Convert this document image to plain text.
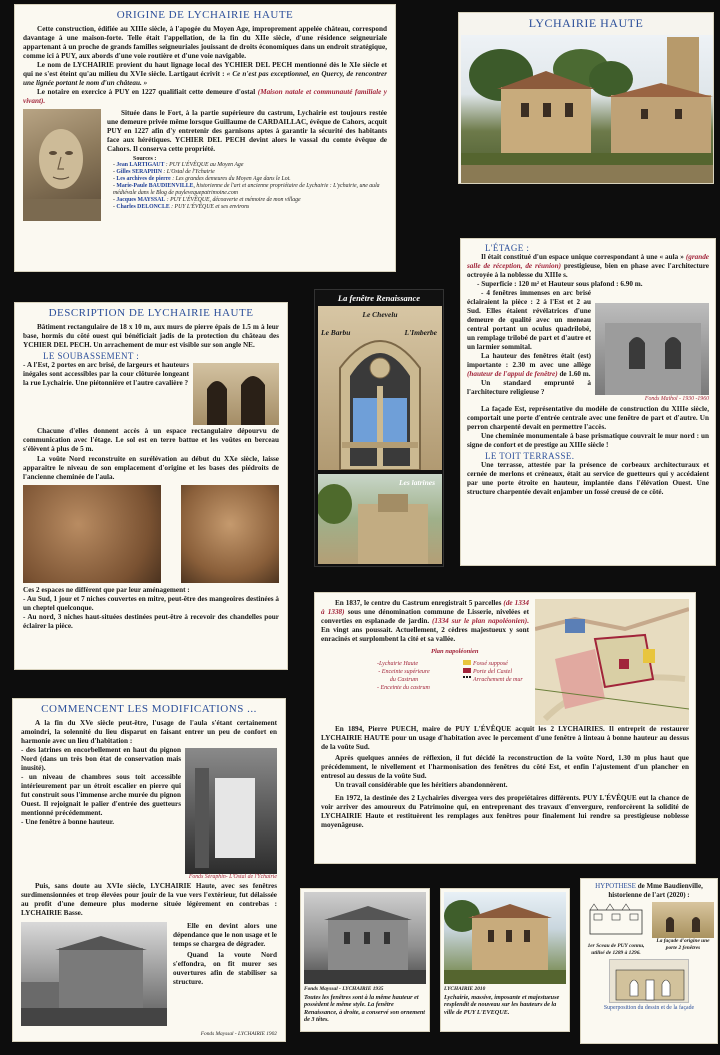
ORIGINE DE LYCHAIRIE HAUTE

Cette construction, édifiée au XIIIe siècle, à l'apogée du Moyen Age, improprement appelée château, correspond davantage à une maison-forte. Telle était l'appellation, de la fin du XIIe siècle, d'une résidence seigneuriale appartenant à un proche de grands familles seigneuriales jouissant de droits économiques dans un endroit stratégique, comme ici à PUY, aux abords d'une voie routière et d'une voie navigable.

Le nom de LYCHAIRIE provient du haut lignage local des YCHIER DEL PECH mentionné dès le XIe siècle et qui ne s'est éteint qu'au milieu du XVIe siècle. Lartigaut écrivit : « Ce n'est pas exceptionnel, en Quercy, de rencontrer une lignée portant le nom d'un château. »

Le notaire en exercice à PUY en 1227 qualifiait cette demeure d'ostal (Maison natale et communauté familiale y vivant).

Située dans le Fort, à la partie supérieure du castrum, Lychairie est toujours restée une demeure privée même lorsque Guillaume de CARDAILLAC, évêque de Cahors, acquit PUY en 1227 afin d'y entretenir des garnisons aptes à garantir la sécurité des habitants face aux hérétiques. YCHIER DEL PECH devint alors le vassal du comte évêque de Cahors. Il conserva cette propriété.

Sources :
- Jean LARTIGAUT : PUY L'ÉVÊQUE au Moyen Age
- Gilles SERAPHIN : L'Ostal de l'Ychairie
- Les archives de pierre : Les grandes demeures du Moyen Age dans le Lot.
- Marie-Paule BAUDIENVILLE, historienne de l'art et ancienne propriétaire de Lychairie : L'ychairie, une aula médiévale dans le Blog de puylevequepatrimoine.com
- Jacques MAYSSAL : PUY L'ÉVÊQUE, découverte et mémoire de mon village
- Charles DELONCLE : PUY L'ÉVÊQUE et ses environs
LYCHAIRIE HAUTE
DESCRIPTION DE LYCHAIRIE HAUTE

Bâtiment rectangulaire de 18 x 10 m, aux murs de pierre épais de 1.5 m à leur base, hormis du côté ouest qui bénéficiait jadis de la protection du château des YCHIER DEL PECH. Un arrachement de mur est visible sur son angle NE.

LE SOUBASSEMENT :

- A l'Est, 2 portes en arc brisé, de largeurs et hauteurs inégales sont accessibles par la cour clôturée longeant la rue Lychairie. Une piétonnière et l'autre cavalière ?

Chacune d'elles donnent accès à un espace rectangulaire dépourvu de communication avec l'étage. Le sol est en terre battue et les voûtes en berceau s'élèvent à plus de 5 m.

La voûte Nord reconstruite en surélévation au début du XXe siècle, laisse apparaître le niveau de son emplacement d'origine et les bases des piédroits de l'ancienne cheminée de l'aula.

Ces 2 espaces ne diffèrent que par leur aménagement :

- Au Sud, 1 jour et 7 niches couvertes en mitre, peut-être des mangeoires destinées à un cheptel quelconque.

- Au nord, 3 niches haut-situées destinées peut-être à recevoir des chandelles pour éclairer la pièce.

La fenêtre Renaissance
Le Chevelu
Le Barbu	L'Imberbe
Les latrines
L'ÉTAGE :

Il était constitué d'un espace unique correspondant à une « aula » (grande salle de réception, de réunion) prestigieuse, bien en phase avec l'architecture octroyée à la noblesse du XIIIe s.

- Superficie : 120 m² et Hauteur sous plafond : 6.90 m.

Fonds Maihol - 1930 -1960

- 4 fenêtres immenses en arc brisé éclairaient la pièce : 2 à l'Est et 2 au Sud. Elles étaient révélatrices d'une demeure de qualité avec un meneau central portant un oculus quadrilobé, un remplage trilobé de part et d'autre et un larmier sommital.

La hauteur des fenêtres était (est) importante : 2.30 m avec une allège (hauteur de l'appui de fenêtre) de 1.60 m.

Un standard emprunté à l'architecture religieuse ?

La façade Est, représentative du modèle de construction du XIIIe siècle, comportait une porte d'entrée centrale avec une fenêtre de part et d'autre. Un perron charpenté devait en permettre l'accès.

Une cheminée monumentale à base prismatique couvrait le mur nord : un signe de confort et de prestige au XIIIe siècle !

LE TOIT TERRASSE.

Une terrasse, attestée par la présence de corbeaux architecturaux et cernée de merlons et créneaux, était au service de guetteurs qui y accédaient par une porte étroite en hauteur, implantée dans l'élévation Ouest. Une structure charpentée devait enjamber un fossé creusé de ce côté.

En 1837, le centre du Castrum enregistrait 5 parcelles (de 1334 à 1338) sous une dénomination commune de Lisserie, nivelées et converties en esplanade de jardin. (1334 sur le plan napoléonien). En vingt ans poussait. Actuellement, 2 cèdres majestueux y sont enracinés et surplombent la cité et sa vallée.

Plan napoléonien
-Lychairie Haute
- Enceinte supérieure du Castrum
- Enceinte du castrum
Fossé supposé
Porte del Castel
Arrachement de mur

En 1894, Pierre PUECH, maire de PUY L'ÉVÊQUE acquit les 2 LYCHAIRIES. Il entreprit de restaurer LYCHAIRIE HAUTE pour un usage d'habitation avec le percement d'une fenêtre à linteau à bonne hauteur au dessus de la voûte Sud.

Après quelques années de réflexion, il fut décidé la reconstruction de la voûte Nord, 1.30 m plus haut que précédemment, le nivellement et l'harmonisation des fenêtres du côté Est, et enfin l'ajustement d'un plancher en entresol au dessus de la voûte Sud.

Un travail considérable que les héritiers abandonnèrent.

En 1972, la destinée des 2 Lychairies divergea vers des propriétaires différents. PUY L'ÉVÊQUE eut la chance de voir arriver des amoureux du Patrimoine qui, en entreprenant des travaux d'envergure, renforcèrent la solidité de LYCHAIRIE Haute et restituèrent les remplages aux fenêtres pour finalement lui rendre sa prestigieuse noblesse moyenâgeuse.

COMMENCENT LES MODIFICATIONS ...

A la fin du XVe siècle peut-être, l'usage de l'aula s'étant certainement amoindri, la solennité du lieu disparut en faisant entrer un peu de confort en harmonie avec un lieu d'habitation :

- des latrines en encorbellement en haut du pignon Nord (dans un très bon état de conservation mais inusité).

- un niveau de chambres sous toit accessible intérieurement par un étroit escalier en pierre qui fut construit sous l'immense arche murée du pignon Ouest. Il rejoignait le palier d'entrée des guetteurs mentionné précédemment.

- Une fenêtre à bonne hauteur.

Fonds Séraphin- L'Ostal de l'Ychairie

Puis, sans doute au XVIe siècle, LYCHAIRIE Haute, avec ses fenêtres surdimensionnées et trop élevées pour jouir de la vue vers l'extérieur, fut délaissée au profit d'une demeure plus moderne située légèrement en contrebas : LYCHAIRIE Basse.

Elle en devint alors une dépendance que le non usage et le temps se chargea de dégrader.

Quand la voute Nord s'effondra, on fit murer ses ouvertures afin de stabiliser sa structure.

Fonds Mayssal - LYCHAIRIE 1902
Fonds Mayssal - LYCHAIRIE 1935
Toutes les fenêtres sont à la même hauteur et possèdent le même style. La fenêtre Renaissance, à droite, a conservé son ornement de 3 têtes.
LYCHAIRIE 2010
Lychairie, massive, imposante et majestueuse resplendit de nouveau sur les hauteurs de la ville de PUY L'EVEQUE.
HYPOTHESE de Mme Baudienville,
historienne de l'art (2020) :
1er Sceau de PUY connu, utilisé de 1289 à 1296.
La façade d'origine une porte 2 fenêtres
Superposition du dessin et de la façade
